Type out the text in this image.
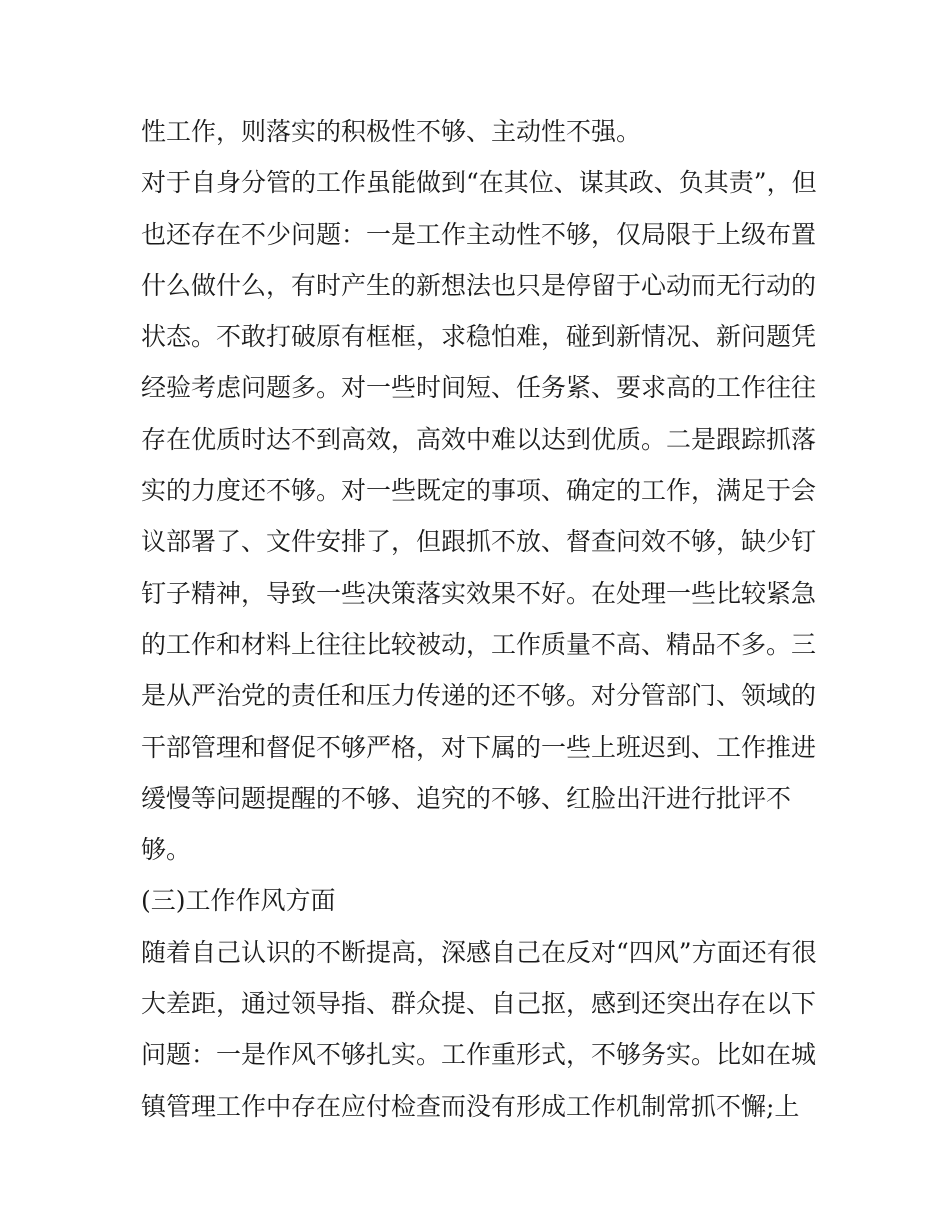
性工作，则落实的积极性不够、主动性不强。
对于自身分管的工作虽能做到“在其位、谋其政、负其责”，但
也还存在不少问题：一是工作主动性不够，仅局限于上级布置
什么做什么，有时产生的新想法也只是停留于心动而无行动的
状态。不敢打破原有框框，求稳怕难，碰到新情况、新问题凭
经验考虑问题多。对一些时间短、任务紧、要求高的工作往往
存在优质时达不到高效，高效中难以达到优质。二是跟踪抓落
实的力度还不够。对一些既定的事项、确定的工作，满足于会
议部署了、文件安排了，但跟抓不放、督查问效不够，缺少钉
钉子精神，导致一些决策落实效果不好。在处理一些比较紧急
的工作和材料上往往比较被动，工作质量不高、精品不多。三
是从严治党的责任和压力传递的还不够。对分管部门、领域的
干部管理和督促不够严格，对下属的一些上班迟到、工作推进
缓慢等问题提醒的不够、追究的不够、红脸出汗进行批评不
够。
(三)工作作风方面
随着自己认识的不断提高，深感自己在反对“四风”方面还有很
大差距，通过领导指、群众提、自己抠，感到还突出存在以下
问题：一是作风不够扎实。工作重形式，不够务实。比如在城
镇管理工作中存在应付检查而没有形成工作机制常抓不懈;上
